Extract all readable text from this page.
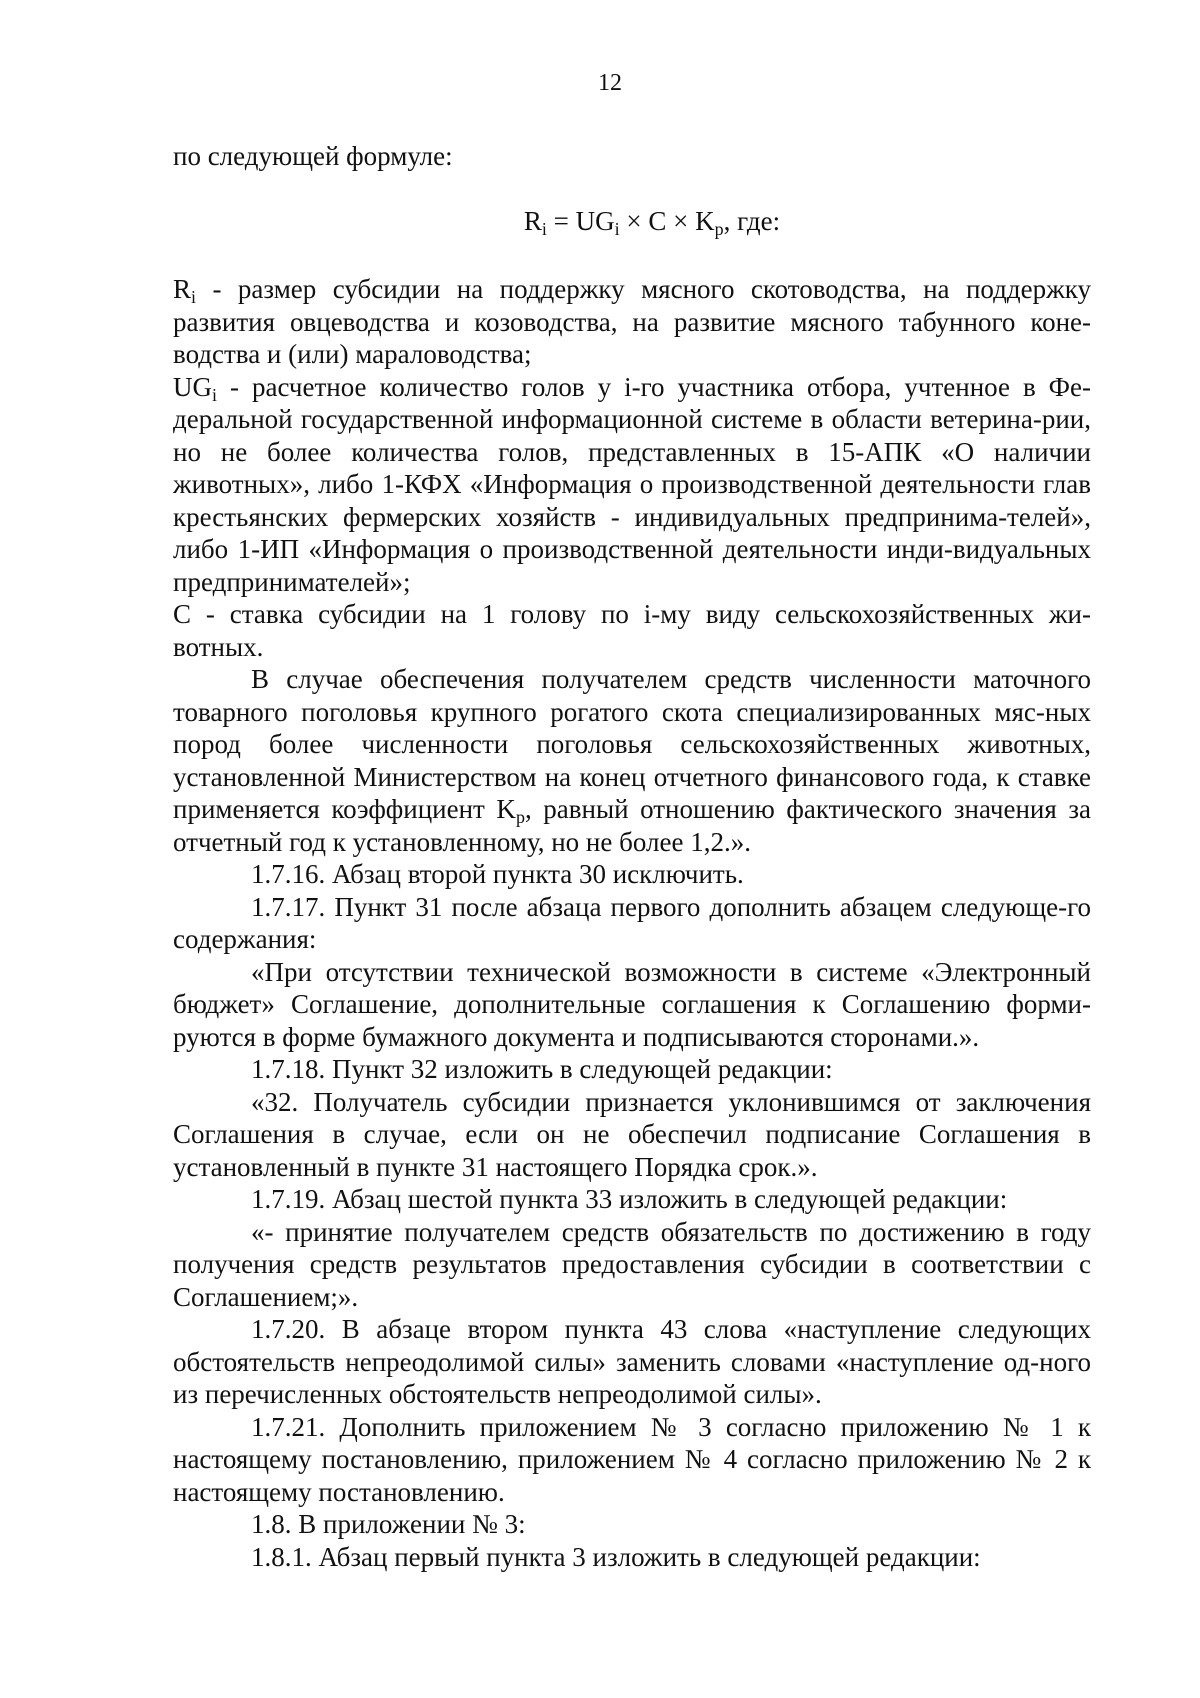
12

по следующей формуле:

$R_i = UG_i \times C \times K_p$, где:

$R_i$ - размер субсидии на поддержку мясного скотоводства, на поддержку развития овцеводства и козоводства, на развитие мясного табунного коне-водства и (или) мараловодства;

$UG_i$ - расчетное количество голов у i-го участника отбора, учтенное в Фе-деральной государственной информационной системе в области ветерина-рии, но не более количества голов, представленных в 15-АПК «О наличии животных», либо 1-КФХ «Информация о производственной деятельности глав крестьянских фермерских хозяйств - индивидуальных предпринима-телей», либо 1-ИП «Информация о производственной деятельности инди-видуальных предпринимателей»;

C - ставка субсидии на 1 голову по i-му виду сельскохозяйственных жи-вотных.

В случае обеспечения получателем средств численности маточного товарного поголовья крупного рогатого скота специализированных мяс-ных пород более численности поголовья сельскохозяйственных животных, установленной Министерством на конец отчетного финансового года, к ставке применяется коэффициент $K_p$, равный отношению фактического значения за отчетный год к установленному, но не более 1,2.».

1.7.16. Абзац второй пункта 30 исключить.

1.7.17. Пункт 31 после абзаца первого дополнить абзацем следующе-го содержания:

«При отсутствии технической возможности в системе «Электронный бюджет» Соглашение, дополнительные соглашения к Соглашению форми-руются в форме бумажного документа и подписываются сторонами.».

1.7.18. Пункт 32 изложить в следующей редакции:

«32. Получатель субсидии признается уклонившимся от заключения Соглашения в случае, если он не обеспечил подписание Соглашения в установленный в пункте 31 настоящего Порядка срок.».

1.7.19. Абзац шестой пункта 33 изложить в следующей редакции:

«- принятие получателем средств обязательств по достижению в году получения средств результатов предоставления субсидии в соответствии с Соглашением;».

1.7.20. В абзаце втором пункта 43 слова «наступление следующих обстоятельств непреодолимой силы» заменить словами «наступление од-ного из перечисленных обстоятельств непреодолимой силы».

1.7.21. Дополнить приложением № 3 согласно приложению № 1 к настоящему постановлению, приложением № 4 согласно приложению № 2 к настоящему постановлению.

1.8. В приложении № 3:

1.8.1. Абзац первый пункта 3 изложить в следующей редакции:
